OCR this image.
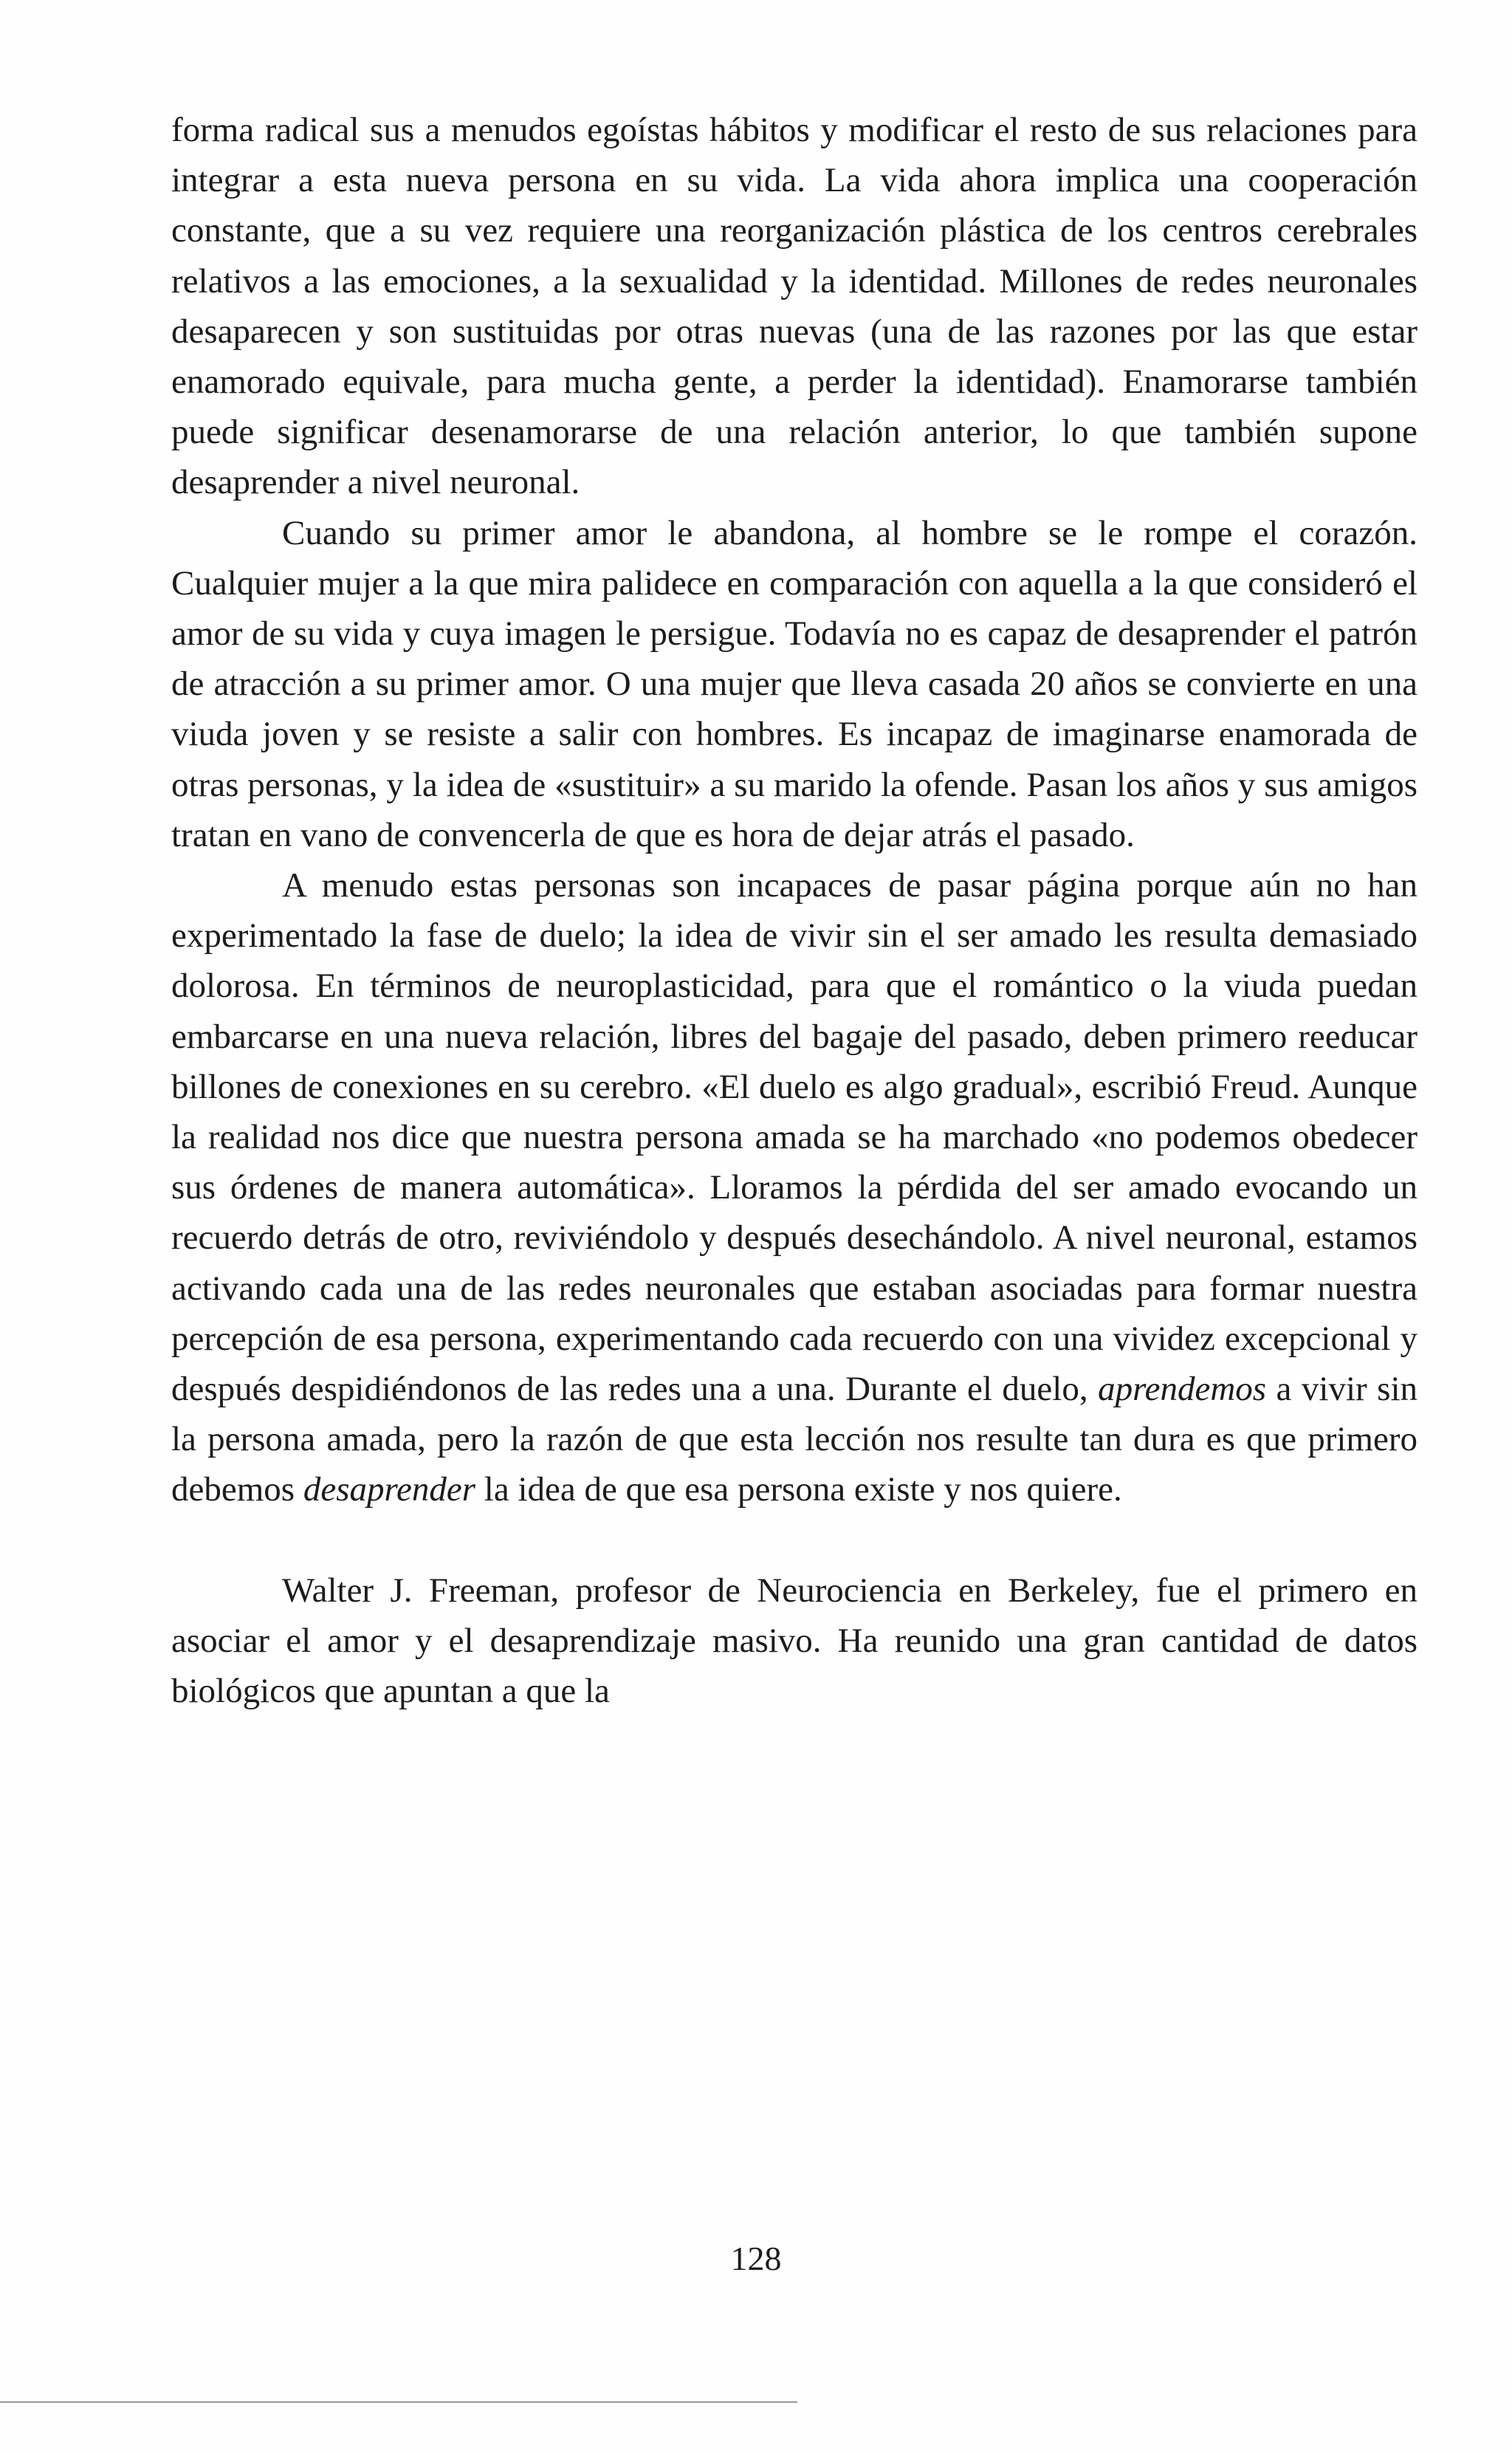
forma radical sus a menudos egoístas hábitos y modificar el resto de sus relaciones para integrar a esta nueva persona en su vida. La vida ahora implica una cooperación constante, que a su vez requiere una reorganización plástica de los centros cerebrales relativos a las emociones, a la sexualidad y la identidad. Millones de redes neuronales desaparecen y son sustituidas por otras nuevas (una de las razones por las que estar enamorado equivale, para mucha gente, a perder la identidad). Enamorarse también puede significar desenamorarse de una relación anterior, lo que también supone desaprender a nivel neuronal.

Cuando su primer amor le abandona, al hombre se le rompe el corazón. Cualquier mujer a la que mira palidece en comparación con aquella a la que consideró el amor de su vida y cuya imagen le persigue. Todavía no es capaz de desaprender el patrón de atracción a su primer amor. O una mujer que lleva casada 20 años se convierte en una viuda joven y se resiste a salir con hombres. Es incapaz de imaginarse enamorada de otras personas, y la idea de «sustituir» a su marido la ofende. Pasan los años y sus amigos tratan en vano de convencerla de que es hora de dejar atrás el pasado.

A menudo estas personas son incapaces de pasar página porque aún no han experimentado la fase de duelo; la idea de vivir sin el ser amado les resulta demasiado dolorosa. En términos de neuroplasticidad, para que el romántico o la viuda puedan embarcarse en una nueva relación, libres del bagaje del pasado, deben primero reeducar billones de conexiones en su cerebro. «El duelo es algo gradual», escribió Freud. Aunque la realidad nos dice que nuestra persona amada se ha marchado «no podemos obedecer sus órdenes de manera automática». Lloramos la pérdida del ser amado evocando un recuerdo detrás de otro, reviviéndolo y después desechándolo. A nivel neuronal, estamos activando cada una de las redes neuronales que estaban asociadas para formar nuestra percepción de esa persona, experimentando cada recuerdo con una vividez excepcional y después despidiéndonos de las redes una a una. Durante el duelo, aprendemos a vivir sin la persona amada, pero la razón de que esta lección nos resulte tan dura es que primero debemos desaprender la idea de que esa persona existe y nos quiere.

Walter J. Freeman, profesor de Neurociencia en Berkeley, fue el primero en asociar el amor y el desaprendizaje masivo. Ha reunido una gran cantidad de datos biológicos que apuntan a que la

128
